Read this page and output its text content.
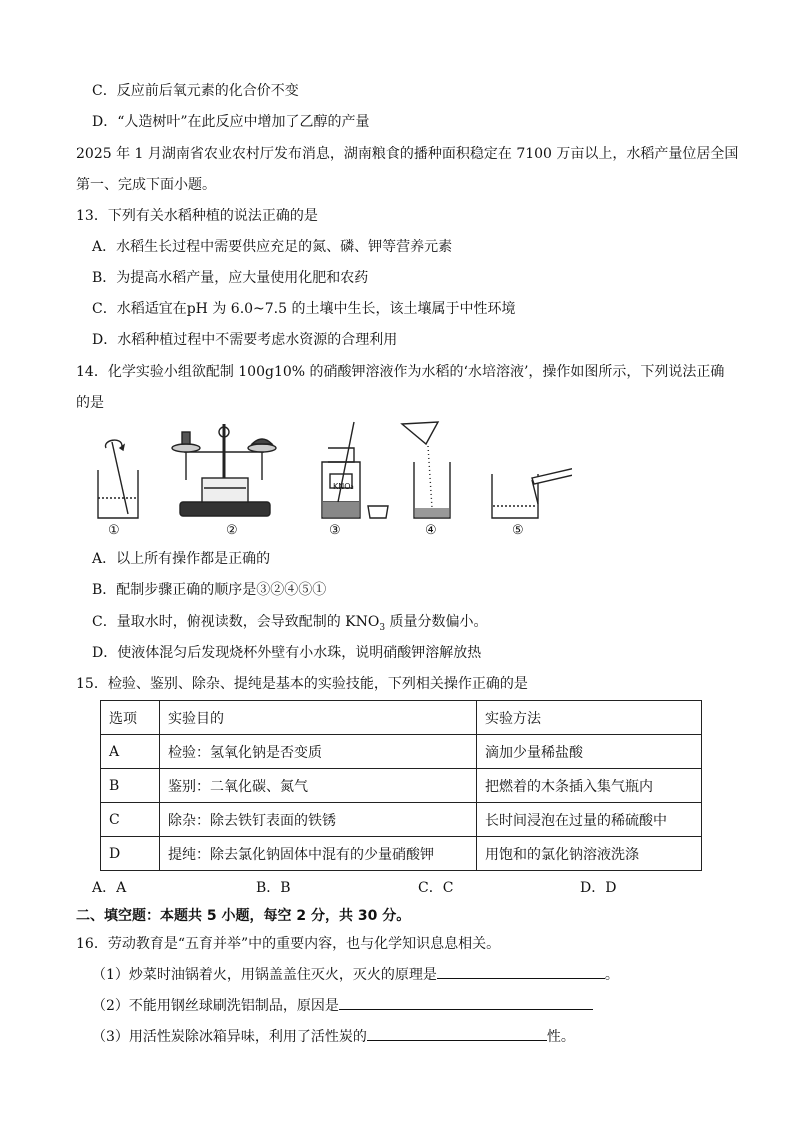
C．反应前后氧元素的化合价不变
D．“人造树叶”在此反应中增加了乙醇的产量
2025 年 1 月湖南省农业农村厅发布消息，湖南粮食的播种面积稳定在 7100 万亩以上，水稻产量位居全国
第一、完成下面小题。
13．下列有关水稻种植的说法正确的是
A．水稻生长过程中需要供应充足的氮、磷、钾等营养元素
B．为提高水稻产量，应大量使用化肥和农药
C．水稻适宜在pH 为 6.0~7.5 的土壤中生长，该土壤属于中性环境
D．水稻种植过程中不需要考虑水资源的合理利用
14．化学实验小组欲配制 100g10% 的硝酸钾溶液作为水稻的‘水培溶液’，操作如图所示，下列说法正确
的是
①	②	③	④	⑤
KNO₃
A．以上所有操作都是正确的
B．配制步骤正确的顺序是③②④⑤①
C．量取水时，俯视读数，会导致配制的 $KNO_3$ 质量分数偏小。
D．使液体混匀后发现烧杯外壁有小水珠，说明硝酸钾溶解放热
15．检验、鉴别、除杂、提纯是基本的实验技能，下列相关操作正确的是
选项	实验目的	实验方法
A	检验：氢氧化钠是否变质	滴加少量稀盐酸
B	鉴别：二氧化碳、氮气	把燃着的木条插入集气瓶内
C	除杂：除去铁钉表面的铁锈	长时间浸泡在过量的稀硫酸中
D	提纯：除去氯化钠固体中混有的少量硝酸钾	用饱和的氯化钠溶液洗涤
A．A	B．B	C．C	D．D
二、填空题：本题共 5 小题，每空 2 分，共 30 分。
16．劳动教育是“五育并举”中的重要内容，也与化学知识息息相关。
（1）炒菜时油锅着火，用锅盖盖住灭火，灭火的原理是	。
（2）不能用钢丝球刷洗铝制品，原因是
（3）用活性炭除冰箱异味，利用了活性炭的	性。
